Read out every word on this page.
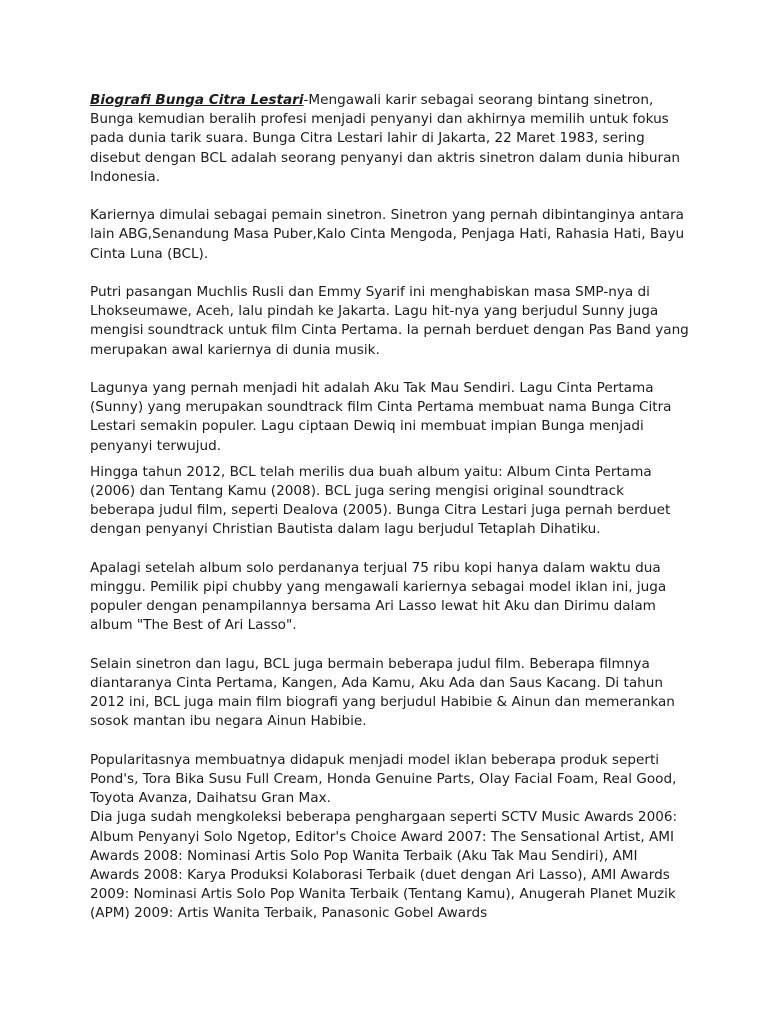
Biografi Bunga Citra Lestari-Mengawali karir sebagai seorang bintang sinetron, Bunga kemudian beralih profesi menjadi penyanyi dan akhirnya memilih untuk fokus pada dunia tarik suara. Bunga Citra Lestari lahir di Jakarta, 22 Maret 1983, sering disebut dengan BCL adalah seorang penyanyi dan aktris sinetron dalam dunia hiburan Indonesia.

Kariernya dimulai sebagai pemain sinetron. Sinetron yang pernah dibintanginya antara lain ABG,Senandung Masa Puber,Kalo Cinta Mengoda, Penjaga Hati, Rahasia Hati, Bayu Cinta Luna (BCL).

Putri pasangan Muchlis Rusli dan Emmy Syarif ini menghabiskan masa SMP-nya di Lhokseumawe, Aceh, lalu pindah ke Jakarta. Lagu hit-nya yang berjudul Sunny juga mengisi soundtrack untuk film Cinta Pertama. Ia pernah berduet dengan Pas Band yang merupakan awal kariernya di dunia musik.

Lagunya yang pernah menjadi hit adalah Aku Tak Mau Sendiri. Lagu Cinta Pertama (Sunny) yang merupakan soundtrack film Cinta Pertama membuat nama Bunga Citra Lestari semakin populer. Lagu ciptaan Dewiq ini membuat impian Bunga menjadi penyanyi terwujud.

Hingga tahun 2012, BCL telah merilis dua buah album yaitu: Album Cinta Pertama (2006) dan Tentang Kamu (2008). BCL juga sering mengisi original soundtrack beberapa judul film, seperti Dealova (2005). Bunga Citra Lestari juga pernah berduet dengan penyanyi Christian Bautista dalam lagu berjudul Tetaplah Dihatiku.

Apalagi setelah album solo perdananya terjual 75 ribu kopi hanya dalam waktu dua minggu. Pemilik pipi chubby yang mengawali kariernya sebagai model iklan ini, juga populer dengan penampilannya bersama Ari Lasso lewat hit Aku dan Dirimu dalam album "The Best of Ari Lasso".

Selain sinetron dan lagu, BCL juga bermain beberapa judul film. Beberapa filmnya diantaranya Cinta Pertama, Kangen, Ada Kamu, Aku Ada dan Saus Kacang. Di tahun 2012 ini, BCL juga main film biografi yang berjudul Habibie & Ainun dan memerankan sosok mantan ibu negara Ainun Habibie.

Popularitasnya membuatnya didapuk menjadi model iklan beberapa produk seperti Pond's, Tora Bika Susu Full Cream, Honda Genuine Parts, Olay Facial Foam, Real Good, Toyota Avanza, Daihatsu Gran Max.

Dia juga sudah mengkoleksi beberapa penghargaan seperti SCTV Music Awards 2006: Album Penyanyi Solo Ngetop, Editor's Choice Award 2007: The Sensational Artist, AMI Awards 2008: Nominasi Artis Solo Pop Wanita Terbaik (Aku Tak Mau Sendiri), AMI Awards 2008: Karya Produksi Kolaborasi Terbaik (duet dengan Ari Lasso), AMI Awards 2009: Nominasi Artis Solo Pop Wanita Terbaik (Tentang Kamu), Anugerah Planet Muzik (APM) 2009: Artis Wanita Terbaik, Panasonic Gobel Awards
